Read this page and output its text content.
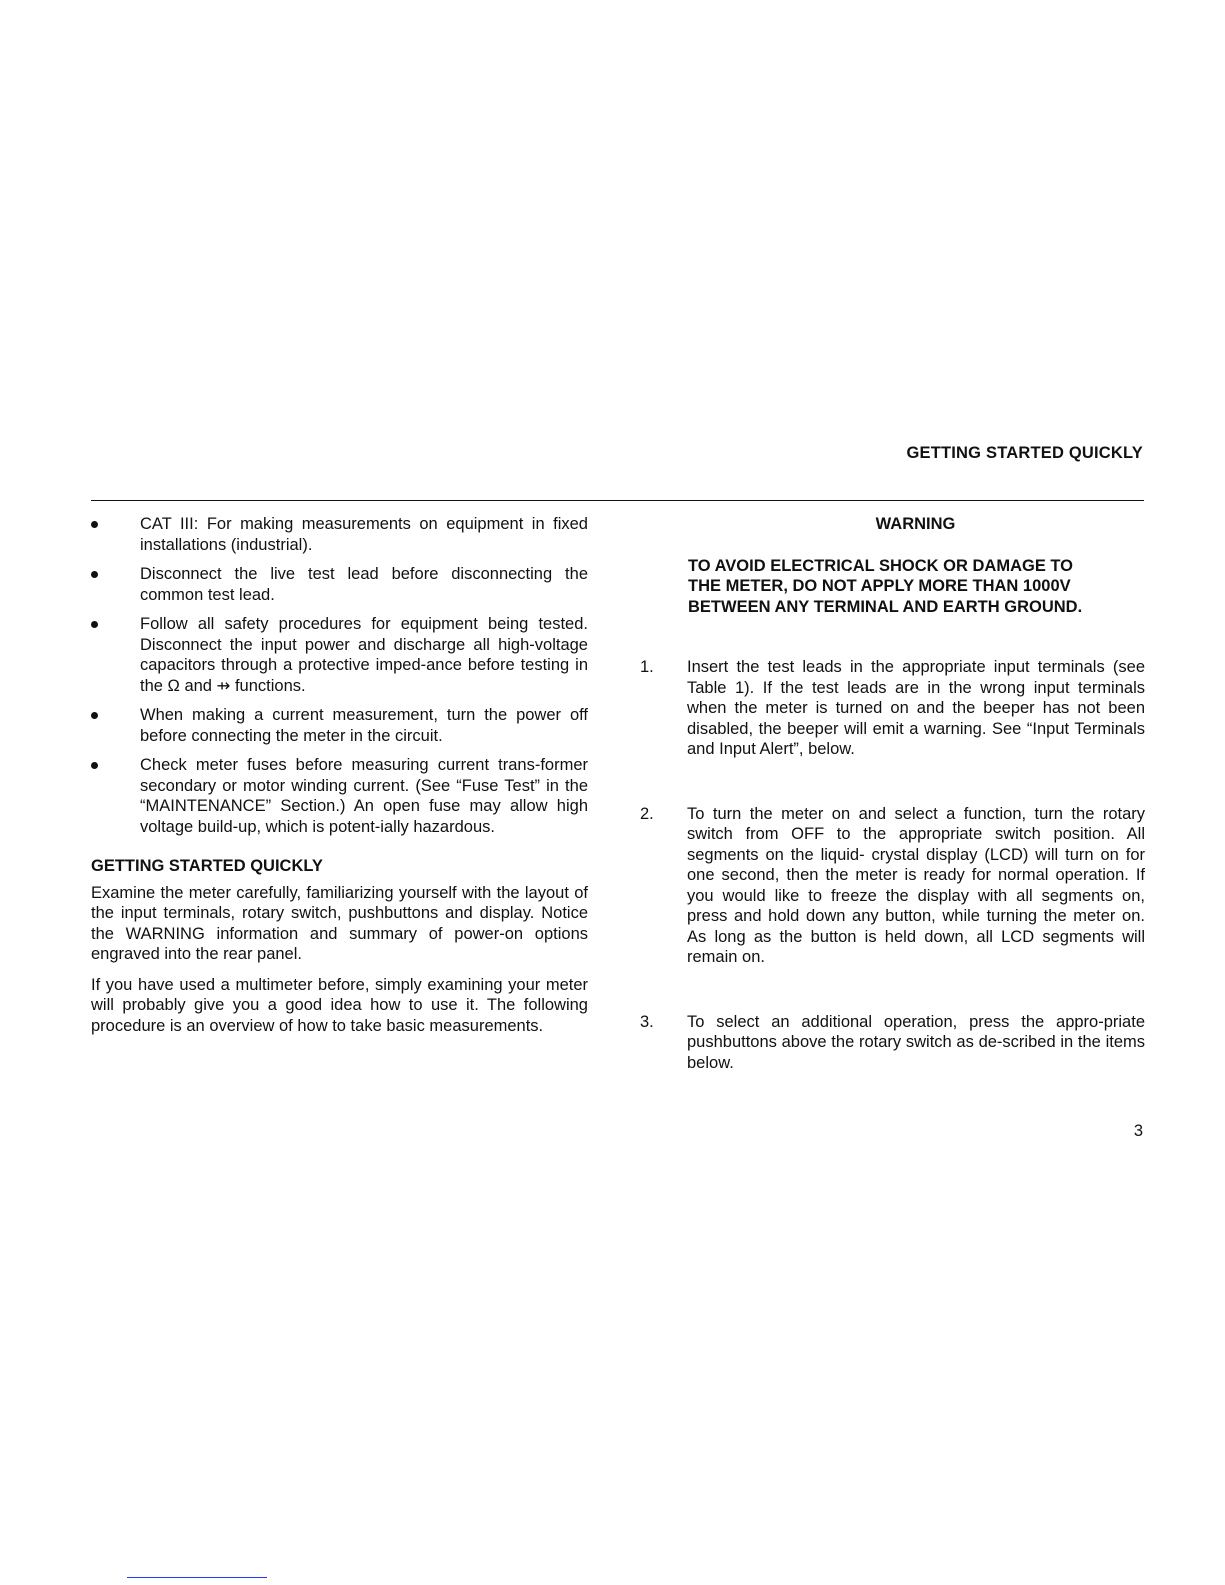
GETTING STARTED QUICKLY
CAT III: For making measurements on equipment in fixed installations (industrial).
Disconnect the live test lead before disconnecting the common test lead.
Follow all safety procedures for equipment being tested. Disconnect the input power and discharge all high-voltage capacitors through a protective imped-ance before testing in the Ω and ⇸ functions.
When making a current measurement, turn the power off before connecting the meter in the circuit.
Check meter fuses before measuring current trans-former secondary or motor winding current. (See “Fuse Test” in the “MAINTENANCE” Section.) An open fuse may allow high voltage build-up, which is potent-ially hazardous.
GETTING STARTED QUICKLY
Examine the meter carefully, familiarizing yourself with the layout of the input terminals, rotary switch, pushbuttons and display. Notice the WARNING information and summary of power-on options engraved into the rear panel.
If you have used a multimeter before, simply examining your meter will probably give you a good idea how to use it. The following procedure is an overview of how to take basic measurements.
WARNING
TO AVOID ELECTRICAL SHOCK OR DAMAGE TO THE METER, DO NOT APPLY MORE THAN 1000V BETWEEN ANY TERMINAL AND EARTH GROUND.
1. Insert the test leads in the appropriate input terminals (see Table 1). If the test leads are in the wrong input terminals when the meter is turned on and the beeper has not been disabled, the beeper will emit a warning. See “Input Terminals and Input Alert”, below.
2. To turn the meter on and select a function, turn the rotary switch from OFF to the appropriate switch position. All segments on the liquid- crystal display (LCD) will turn on for one second, then the meter is ready for normal operation. If you would like to freeze the display with all segments on, press and hold down any button, while turning the meter on. As long as the button is held down, all LCD segments will remain on.
3. To select an additional operation, press the appro-priate pushbuttons above the rotary switch as de-scribed in the items below.
3
